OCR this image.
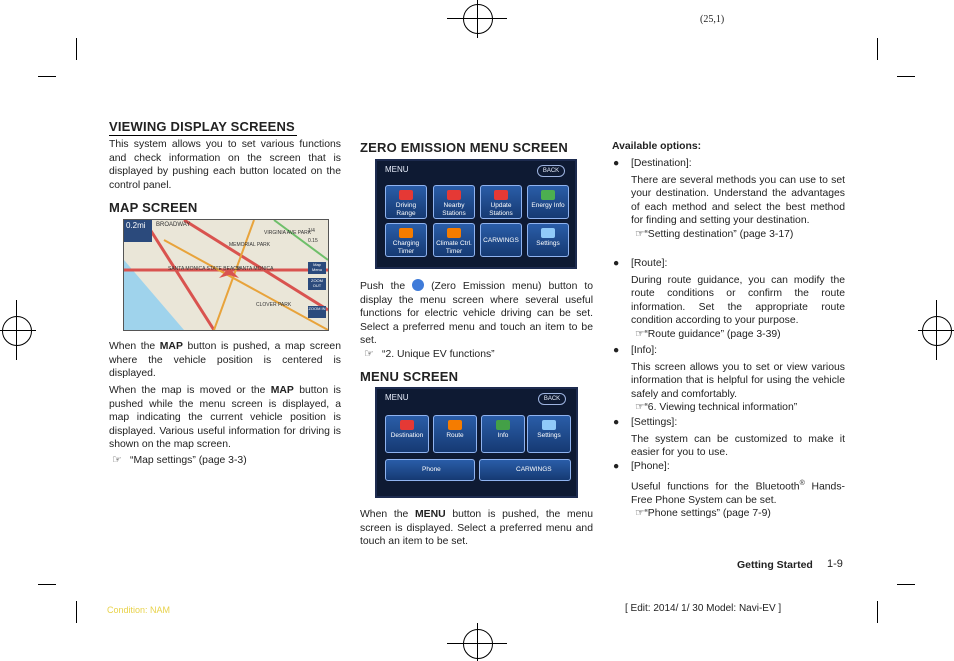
(25,1)
VIEWING DISPLAY SCREENS
This system allows you to set various functions and check information on the screen that is displayed by pushing each button located on the control panel.
MAP SCREEN
0.2mi	BROADWAY
VIRGINIA AVE PARK
MEMORIAL PARK
SANTA MONICA STATE BEACH
SANTA MONICA
CLOVER PARK
1/4
0.15
Map Menu
ZOOM OUT
ZOOM IN
When the MAP button is pushed, a map screen where the vehicle position is centered is displayed.
When the map is moved or the MAP button is pushed while the menu screen is displayed, a map indicating the current vehicle position is displayed. Various useful information for driving is shown on the map screen.
☞ “Map settings” (page 3-3)
ZERO EMISSION MENU SCREEN
MENU	BACK
Driving Range
Nearby Stations
Update Stations
Energy Info
Charging Timer
Climate Ctrl. Timer
CARWINGS	Settings
Push the (Zero Emission menu) button to display the menu screen where several useful functions for electric vehicle driving can be set. Select a preferred menu and touch an item to be set.
☞ “2. Unique EV functions”
MENU SCREEN
MENU	BACK
Destination	Route	Info	Settings
Phone	CARWINGS
When the MENU button is pushed, the menu screen is displayed. Select a preferred menu and touch an item to be set.
Available options:
● [Destination]:
There are several methods you can use to set your destination. Understand the advantages of each method and select the best method for finding and setting your destination.
☞“Setting destination” (page 3-17)
● [Route]:
During route guidance, you can modify the route conditions or confirm the route information. Set the appropriate route condition according to your purpose.
☞“Route guidance” (page 3-39)
● [Info]:
This screen allows you to set or view various information that is helpful for using the vehicle safely and comfortably.
☞“6. Viewing technical information”
● [Settings]:
The system can be customized to make it easier for you to use.
● [Phone]:
Useful functions for the Bluetooth® Hands-Free Phone System can be set.
☞“Phone settings” (page 7-9)
Getting Started 1-9
Condition: NAM	[ Edit: 2014/ 1/ 30 Model: Navi-EV ]
